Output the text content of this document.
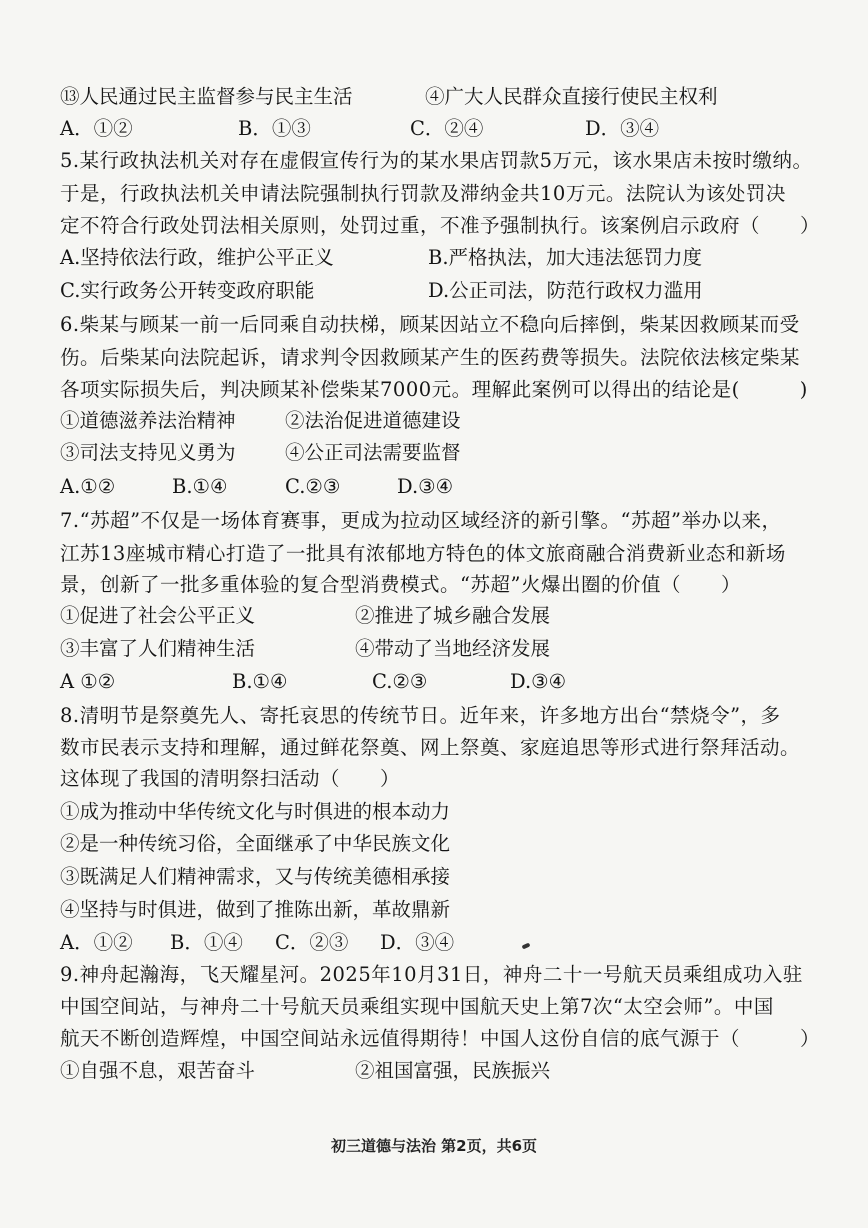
⑬人民通过民主监督参与民主生活	④广大人民群众直接行使民主权利
A．①②	B．①③	C．②④	D．③④
5.某行政执法机关对存在虚假宣传行为的某水果店罚款5万元，该水果店未按时缴纳。
于是，行政执法机关申请法院强制执行罚款及滞纳金共10万元。法院认为该处罚决
定不符合行政处罚法相关原则，处罚过重，不准予强制执行。该案例启示政府（　　）
A.坚持依法行政，维护公平正义	B.严格执法，加大违法惩罚力度
C.实行政务公开转变政府职能	D.公正司法，防范行政权力滥用
6.柴某与顾某一前一后同乘自动扶梯，顾某因站立不稳向后摔倒，柴某因救顾某而受
伤。后柴某向法院起诉，请求判令因救顾某产生的医药费等损失。法院依法核定柴某
各项实际损失后，判决顾某补偿柴某7000元。理解此案例可以得出的结论是(　　　)
①道德滋养法治精神	②法治促进道德建设
③司法支持见义勇为	④公正司法需要监督
A.①②	B.①④	C.②③	D.③④
7.“苏超”不仅是一场体育赛事，更成为拉动区域经济的新引擎。“苏超”举办以来，
江苏13座城市精心打造了一批具有浓郁地方特色的体文旅商融合消费新业态和新场
景，创新了一批多重体验的复合型消费模式。“苏超”火爆出圈的价值（　　）
①促进了社会公平正义	②推进了城乡融合发展
③丰富了人们精神生活	④带动了当地经济发展
A ①②	B.①④	C.②③	D.③④
8.清明节是祭奠先人、寄托哀思的传统节日。近年来，许多地方出台“禁烧令”，多
数市民表示支持和理解，通过鲜花祭奠、网上祭奠、家庭追思等形式进行祭拜活动。
这体现了我国的清明祭扫活动（　　）
①成为推动中华传统文化与时俱进的根本动力
②是一种传统习俗，全面继承了中华民族文化
③既满足人们精神需求，又与传统美德相承接
④坚持与时俱进，做到了推陈出新，革故鼎新
A．①② B．①④ C．②③ D．③④
9.神舟起瀚海，飞天耀星河。2025年10月31日，神舟二十一号航天员乘组成功入驻
中国空间站，与神舟二十号航天员乘组实现中国航天史上第7次“太空会师”。中国
航天不断创造辉煌，中国空间站永远值得期待！中国人这份自信的底气源于（　　　）
①自强不息，艰苦奋斗	②祖国富强，民族振兴
初三道德与法治 第2页，共6页
